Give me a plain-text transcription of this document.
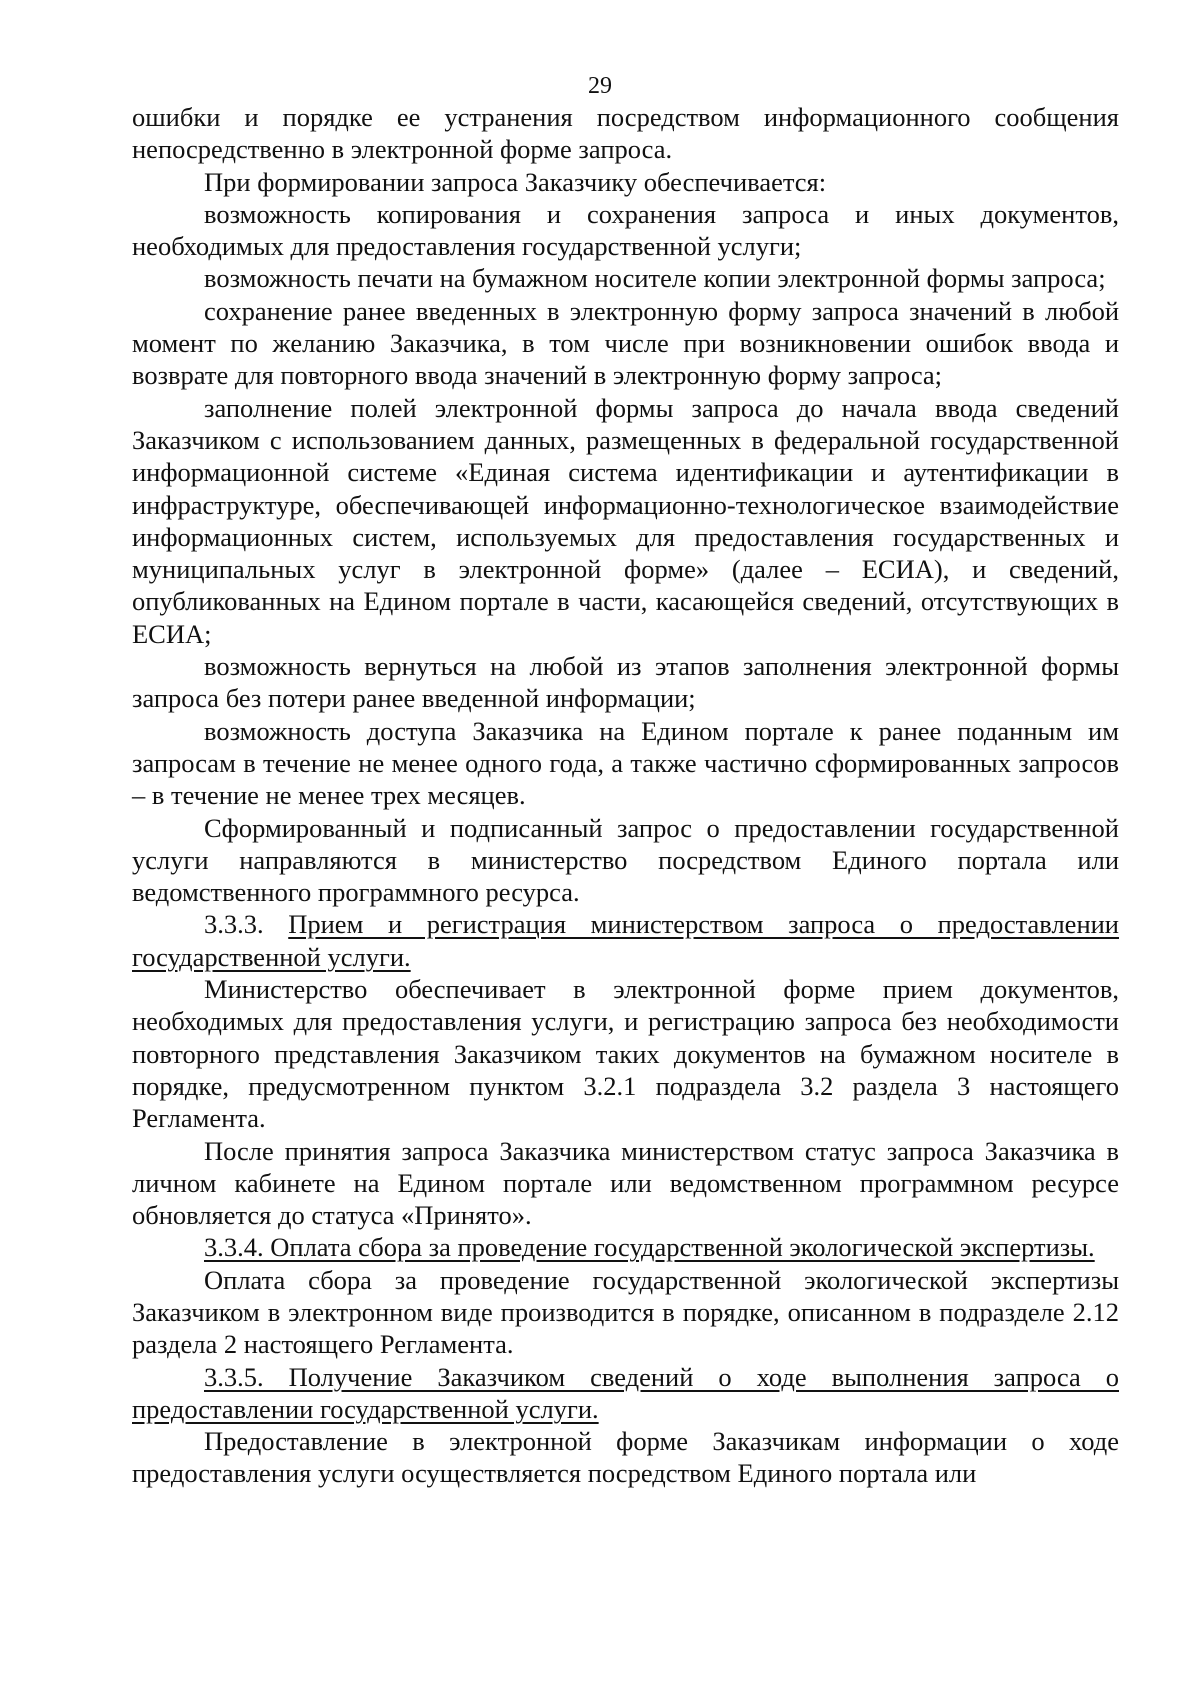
29

ошибки и порядке ее устранения посредством информационного сообщения непосредственно в электронной форме запроса.

При формировании запроса Заказчику обеспечивается:

возможность копирования и сохранения запроса и иных документов, необходимых для предоставления государственной услуги;

возможность печати на бумажном носителе копии электронной формы запроса;

сохранение ранее введенных в электронную форму запроса значений в любой момент по желанию Заказчика, в том числе при возникновении ошибок ввода и возврате для повторного ввода значений в электронную форму запроса;

заполнение полей электронной формы запроса до начала ввода сведений Заказчиком с использованием данных, размещенных в федеральной государственной информационной системе «Единая система идентификации и аутентификации в инфраструктуре, обеспечивающей информационно-технологическое взаимодействие информационных систем, используемых для предоставления государственных и муниципальных услуг в электронной форме» (далее – ЕСИА), и сведений, опубликованных на Едином портале в части, касающейся сведений, отсутствующих в ЕСИА;

возможность вернуться на любой из этапов заполнения электронной формы запроса без потери ранее введенной информации;

возможность доступа Заказчика на Едином портале к ранее поданным им запросам в течение не менее одного года, а также частично сформированных запросов – в течение не менее трех месяцев.

Сформированный и подписанный запрос о предоставлении государственной услуги направляются в министерство посредством Единого портала или ведомственного программного ресурса.

3.3.3. Прием и регистрация министерством запроса о предоставлении государственной услуги.

Министерство обеспечивает в электронной форме прием документов, необходимых для предоставления услуги, и регистрацию запроса без необходимости повторного представления Заказчиком таких документов на бумажном носителе в порядке, предусмотренном пунктом 3.2.1 подраздела 3.2 раздела 3 настоящего Регламента.

После принятия запроса Заказчика министерством статус запроса Заказчика в личном кабинете на Едином портале или ведомственном программном ресурсе обновляется до статуса «Принято».

3.3.4. Оплата сбора за проведение государственной экологической экспертизы.

Оплата сбора за проведение государственной экологической экспертизы Заказчиком в электронном виде производится в порядке, описанном в подразделе 2.12 раздела 2 настоящего Регламента.

3.3.5. Получение Заказчиком сведений о ходе выполнения запроса о предоставлении государственной услуги.

Предоставление в электронной форме Заказчикам информации о ходе предоставления услуги осуществляется посредством Единого портала или
